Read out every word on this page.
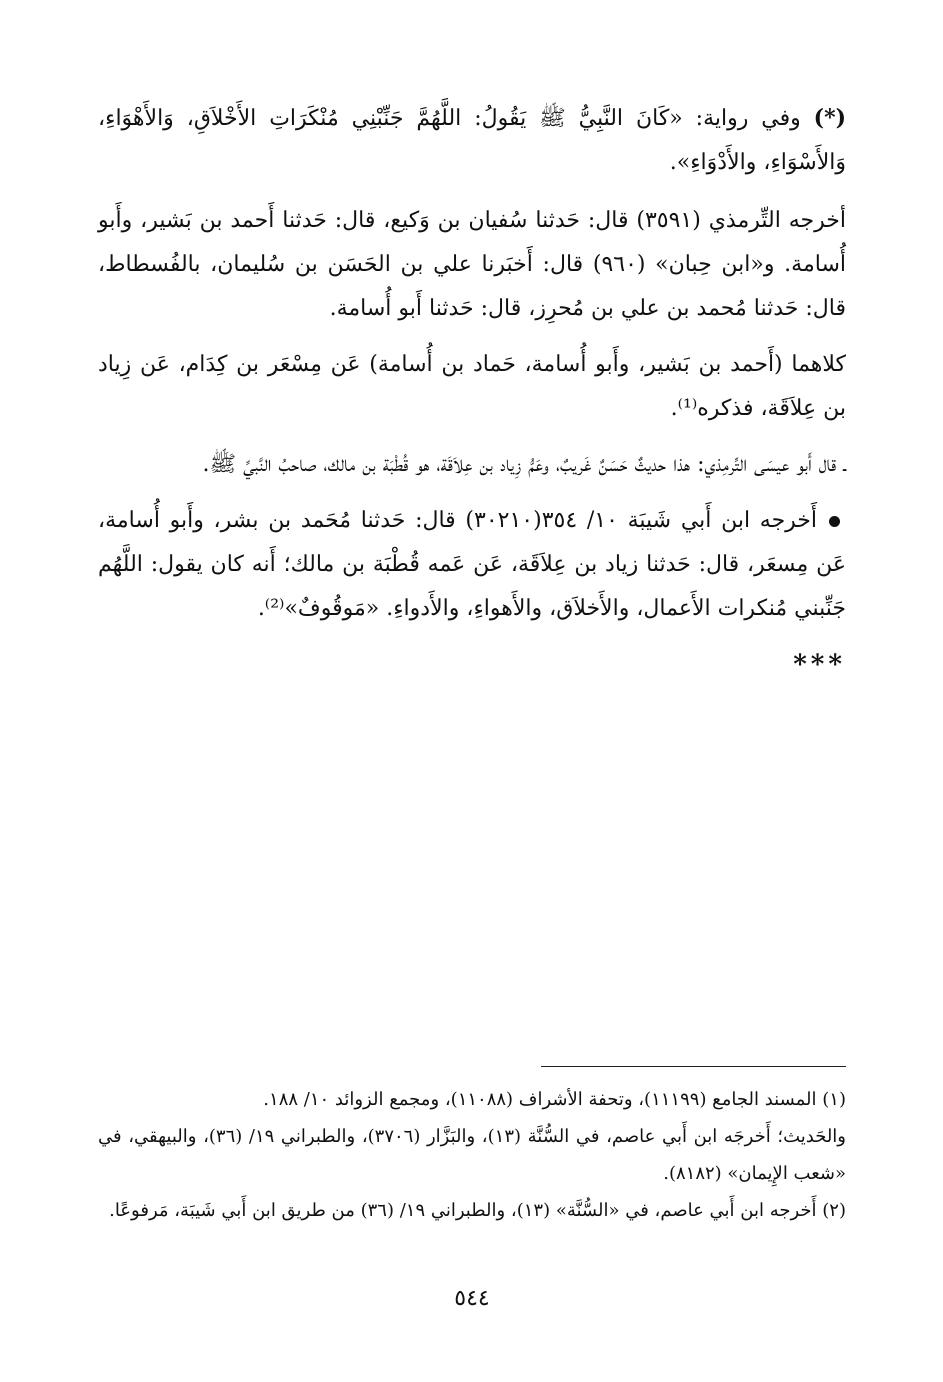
(*) وفي رواية: «كَانَ النَّبِيُّ ﷺ يَقُولُ: اللَّهُمَّ جَنِّبْنِي مُنْكَرَاتِ الأَخْلاَقِ، وَالأَهْوَاءِ، وَالأَسْوَاءِ، والأَدْوَاءِ».

أخرجه التِّرمذي (٣٥٩١) قال: حَدثنا سُفيان بن وَكيع، قال: حَدثنا أَحمد بن بَشير، وأَبو أُسامة. و«ابن حِبان» (٩٦٠) قال: أَخبَرنا علي بن الحَسَن بن سُليمان، بالفُسطاط، قال: حَدثنا مُحمد بن علي بن مُحرِز، قال: حَدثنا أَبو أُسامة.

كلاهما (أَحمد بن بَشير، وأَبو أُسامة، حَماد بن أُسامة) عَن مِسْعَر بن كِدَام، عَن زِياد بن عِلاَقَة، فذكره⁽¹⁾.

ـ قال أَبو عيسَى التِّرمِذي: هذا حديثٌ حَسَنٌ غَريبٌ، وعَمُّ زِياد بن عِلاَقَة، هو قُطْبَة بن مالك، صاحبُ النَّبيِّ ﷺ.

أَخرجه ابن أَبي شَيبَة ١٠/ ٣٥٤(٣٠٢١٠) قال: حَدثنا مُحَمد بن بشر، وأَبو أُسامة، عَن مِسعَر، قال: حَدثنا زياد بن عِلاَقَة، عَن عَمه قُطْبَة بن مالك؛ أَنه كان يقول: اللَّهُم جَنِّبني مُنكرات الأَعمال، والأَخلاَق، والأَهواءِ، والأَدواءِ. «مَوقُوفٌ»⁽²⁾.

***

(١) المسند الجامع (١١١٩٩)، وتحفة الأشراف (١١٠٨٨)، ومجمع الزوائد ١٠/ ١٨٨.

والحَديث؛ أَخرجَه ابن أَبي عاصم، في السُّنَّة (١٣)، والبَزَّار (٣٧٠٦)، والطبراني ١٩/ (٣٦)، والبيهقي، في «شعب الإِيمان» (٨١٨٢).

(٢) أَخرجه ابن أَبي عاصم، في «السُّنَّة» (١٣)، والطبراني ١٩/ (٣٦) من طريق ابن أَبي شَيبَة، مَرفوعًا.

٥٤٤
